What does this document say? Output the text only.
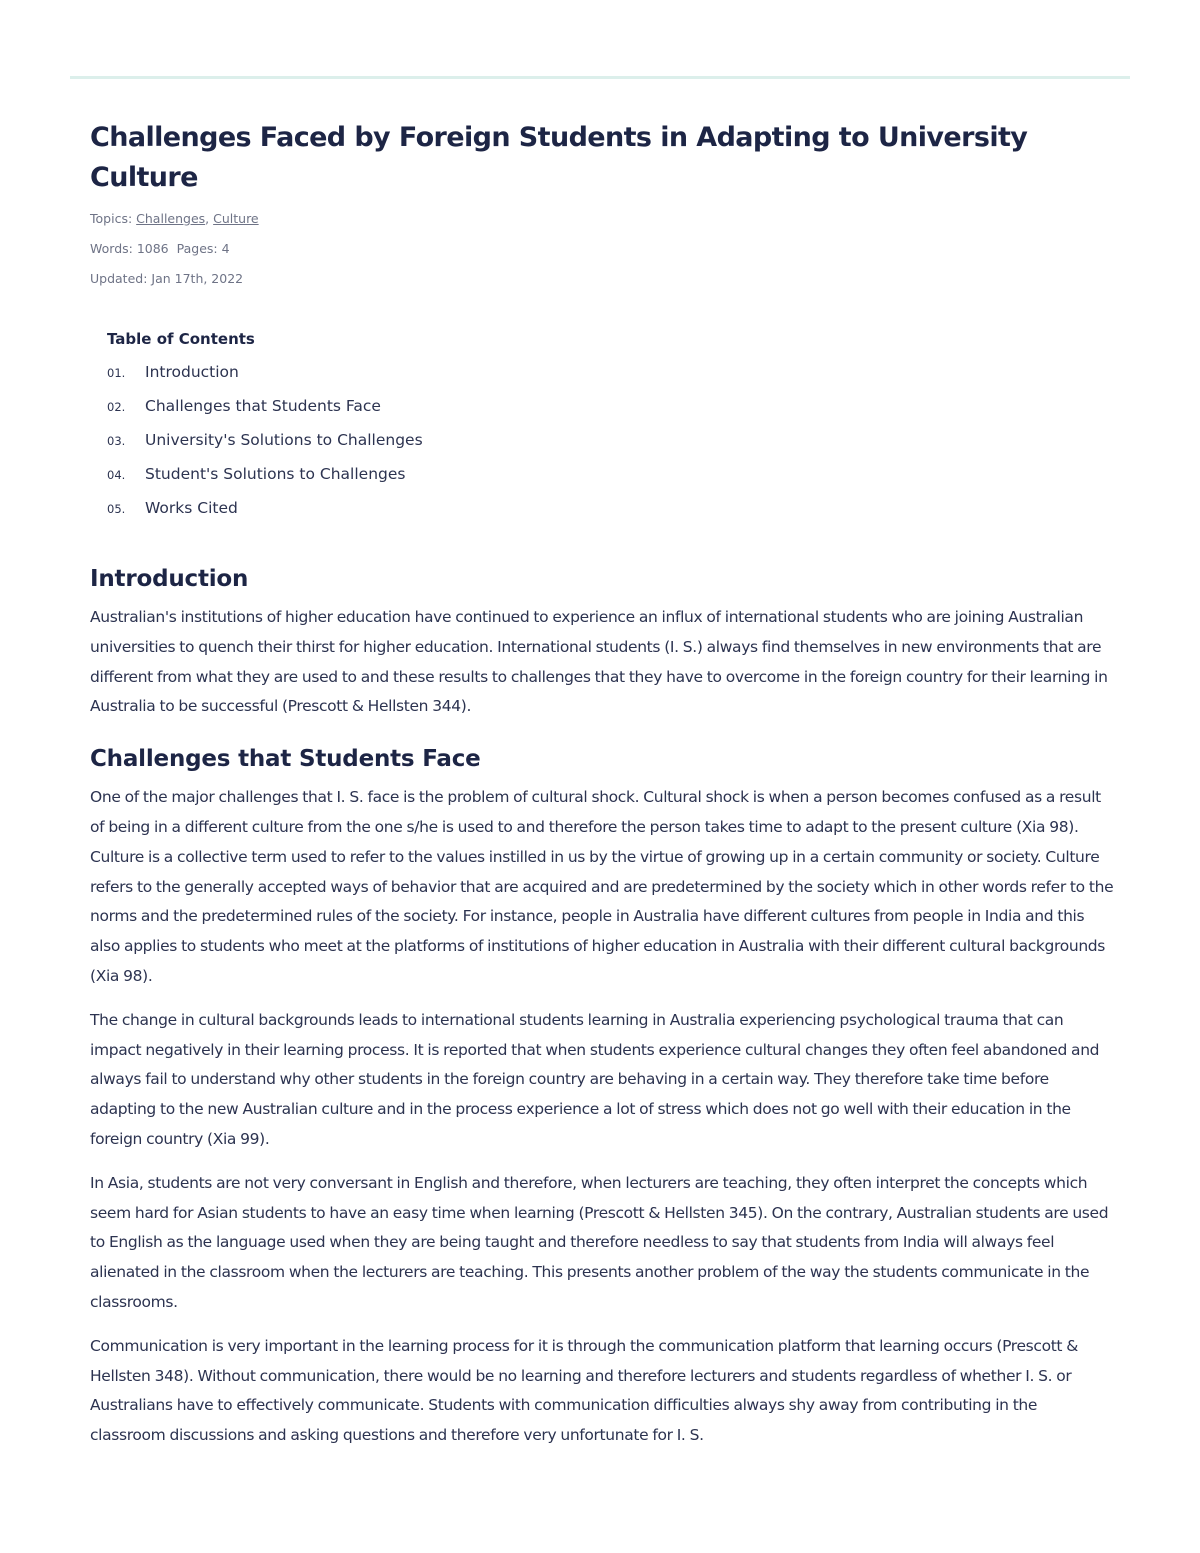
Challenges Faced by Foreign Students in Adapting to University Culture
Topics: Challenges, Culture
Words: 1086 Pages: 4
Updated: Jan 17th, 2022
Table of Contents
01.	Introduction
02.	Challenges that Students Face
03.	University's Solutions to Challenges
04.	Student's Solutions to Challenges
05.	Works Cited
Introduction

Australian's institutions of higher education have continued to experience an influx of international students who are joining Australian universities to quench their thirst for higher education. International students (I. S.) always find themselves in new environments that are different from what they are used to and these results to challenges that they have to overcome in the foreign country for their learning in Australia to be successful (Prescott & Hellsten 344).

Challenges that Students Face

One of the major challenges that I. S. face is the problem of cultural shock. Cultural shock is when a person becomes confused as a result of being in a different culture from the one s/he is used to and therefore the person takes time to adapt to the present culture (Xia 98). Culture is a collective term used to refer to the values instilled in us by the virtue of growing up in a certain community or society. Culture refers to the generally accepted ways of behavior that are acquired and are predetermined by the society which in other words refer to the norms and the predetermined rules of the society. For instance, people in Australia have different cultures from people in India and this also applies to students who meet at the platforms of institutions of higher education in Australia with their different cultural backgrounds (Xia 98).

The change in cultural backgrounds leads to international students learning in Australia experiencing psychological trauma that can impact negatively in their learning process. It is reported that when students experience cultural changes they often feel abandoned and always fail to understand why other students in the foreign country are behaving in a certain way. They therefore take time before adapting to the new Australian culture and in the process experience a lot of stress which does not go well with their education in the foreign country (Xia 99).

In Asia, students are not very conversant in English and therefore, when lecturers are teaching, they often interpret the concepts which seem hard for Asian students to have an easy time when learning (Prescott & Hellsten 345). On the contrary, Australian students are used to English as the language used when they are being taught and therefore needless to say that students from India will always feel alienated in the classroom when the lecturers are teaching. This presents another problem of the way the students communicate in the classrooms.

Communication is very important in the learning process for it is through the communication platform that learning occurs (Prescott & Hellsten 348). Without communication, there would be no learning and therefore lecturers and students regardless of whether I. S. or Australians have to effectively communicate. Students with communication difficulties always shy away from contributing in the classroom discussions and asking questions and therefore very unfortunate for I. S.
